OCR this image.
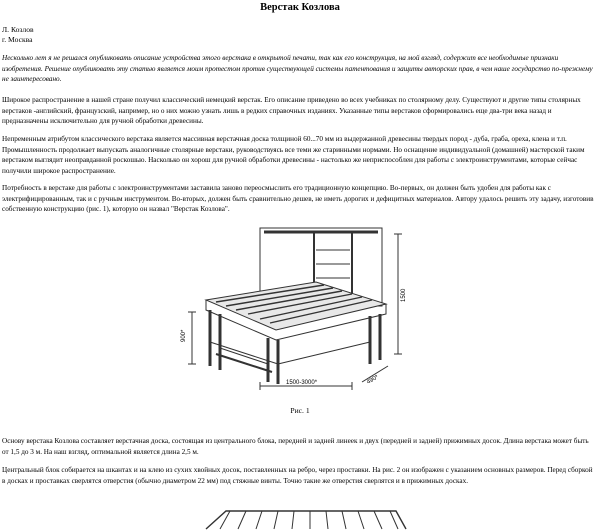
Верстак Козлова
Л. Козлов
г. Москва

Несколько лет я не решался опубликовать описание устройства этого верстака в открытой печати, так как его конструкция, на мой взгляд, содержит все необходимые признаки изобретения. Решение опубликовать эту статью является моим протестом против существующей системы патентования и защиты авторских прав, в чем наше государство по-прежнему не заинтересовано.

Широкое распространение в нашей стране получил классический немецкий верстак. Его описание приведено во всех учебниках по столярному делу. Существуют и другие типы столярных верстаков -английский, французский, например, но о них можно узнать лишь в редких справочных изданиях. Указанные типы верстаков сформировались еще два-три века назад и предназначены исключительно для ручной обработки древесины.

Непременным атрибутом классического верстака является массивная верстачная доска толщиной 60...70 мм из выдержанной древесины твердых пород - дуба, граба, ореха, клена и т.п. Промышленность продолжает выпускать аналогичные столярные верстаки, руководствуясь все теми же старинными нормами. Но оснащение индивидуальной (домашней) мастерской таким верстаком выглядит неоправданной роскошью. Насколько он хорош для ручной обработки древесины - настолько же неприспособлен для работы с электроинструментами, которые сейчас получили широкое распространение.

Потребность в верстаке для работы с электроинструментами заставила заново переосмыслить его традиционную концепцию. Во-первых, он должен быть удобен для работы как с электрифицированным, так и с ручным инструментом. Во-вторых, должен быть сравнительно дешев, не иметь дорогих и дефицитных материалов. Автору удалось решить эту задачу, изготовив собственную конструкцию (рис. 1), которую он назвал "Верстак Козлова".

900*
1500
1500-3000*	490*
Рис. 1

Основу верстака Козлова составляет верстачная доска, состоящая из центрального блока, передней и задней линеек и двух (передней и задней) прижимных досок. Длина верстака может быть от 1,5 до 3 м. На наш взгляд, оптимальной является длина 2,5 м.

Центральный блок собирается на шкантах и на клею из сухих хвойных досок, поставленных на ребро, через проставки. На рис. 2 он изображен с указанием основных размеров. Перед сборкой в досках и проставках сверлятся отверстия (обычно диаметром 22 мм) под стяжные винты. Точно такие же отверстия сверлятся и в прижимных досках.
